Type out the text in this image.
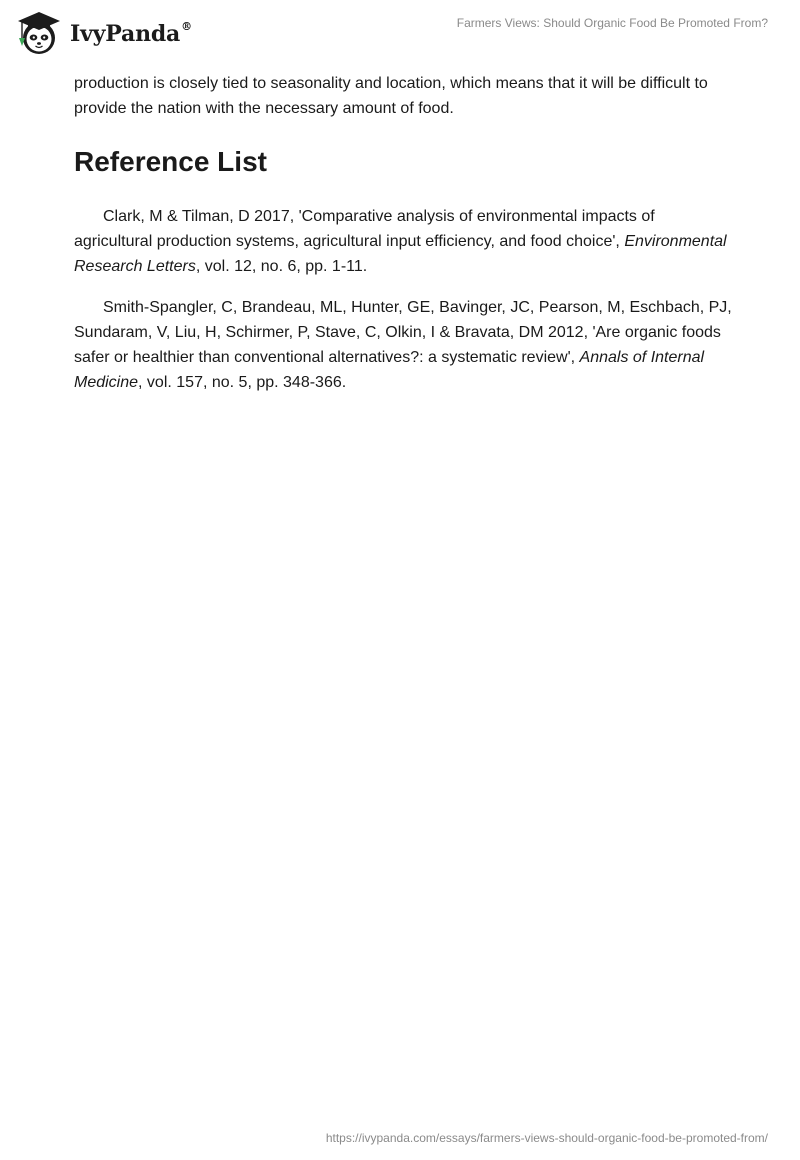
IvyPanda®	Farmers Views: Should Organic Food Be Promoted From?

production is closely tied to seasonality and location, which means that it will be difficult to provide the nation with the necessary amount of food.

Reference List

Clark, M & Tilman, D 2017, 'Comparative analysis of environmental impacts of agricultural production systems, agricultural input efficiency, and food choice', Environmental Research Letters, vol. 12, no. 6, pp. 1-11.

Smith-Spangler, C, Brandeau, ML, Hunter, GE, Bavinger, JC, Pearson, M, Eschbach, PJ, Sundaram, V, Liu, H, Schirmer, P, Stave, C, Olkin, I & Bravata, DM 2012, 'Are organic foods safer or healthier than conventional alternatives?: a systematic review', Annals of Internal Medicine, vol. 157, no. 5, pp. 348-366.

https://ivypanda.com/essays/farmers-views-should-organic-food-be-promoted-from/
